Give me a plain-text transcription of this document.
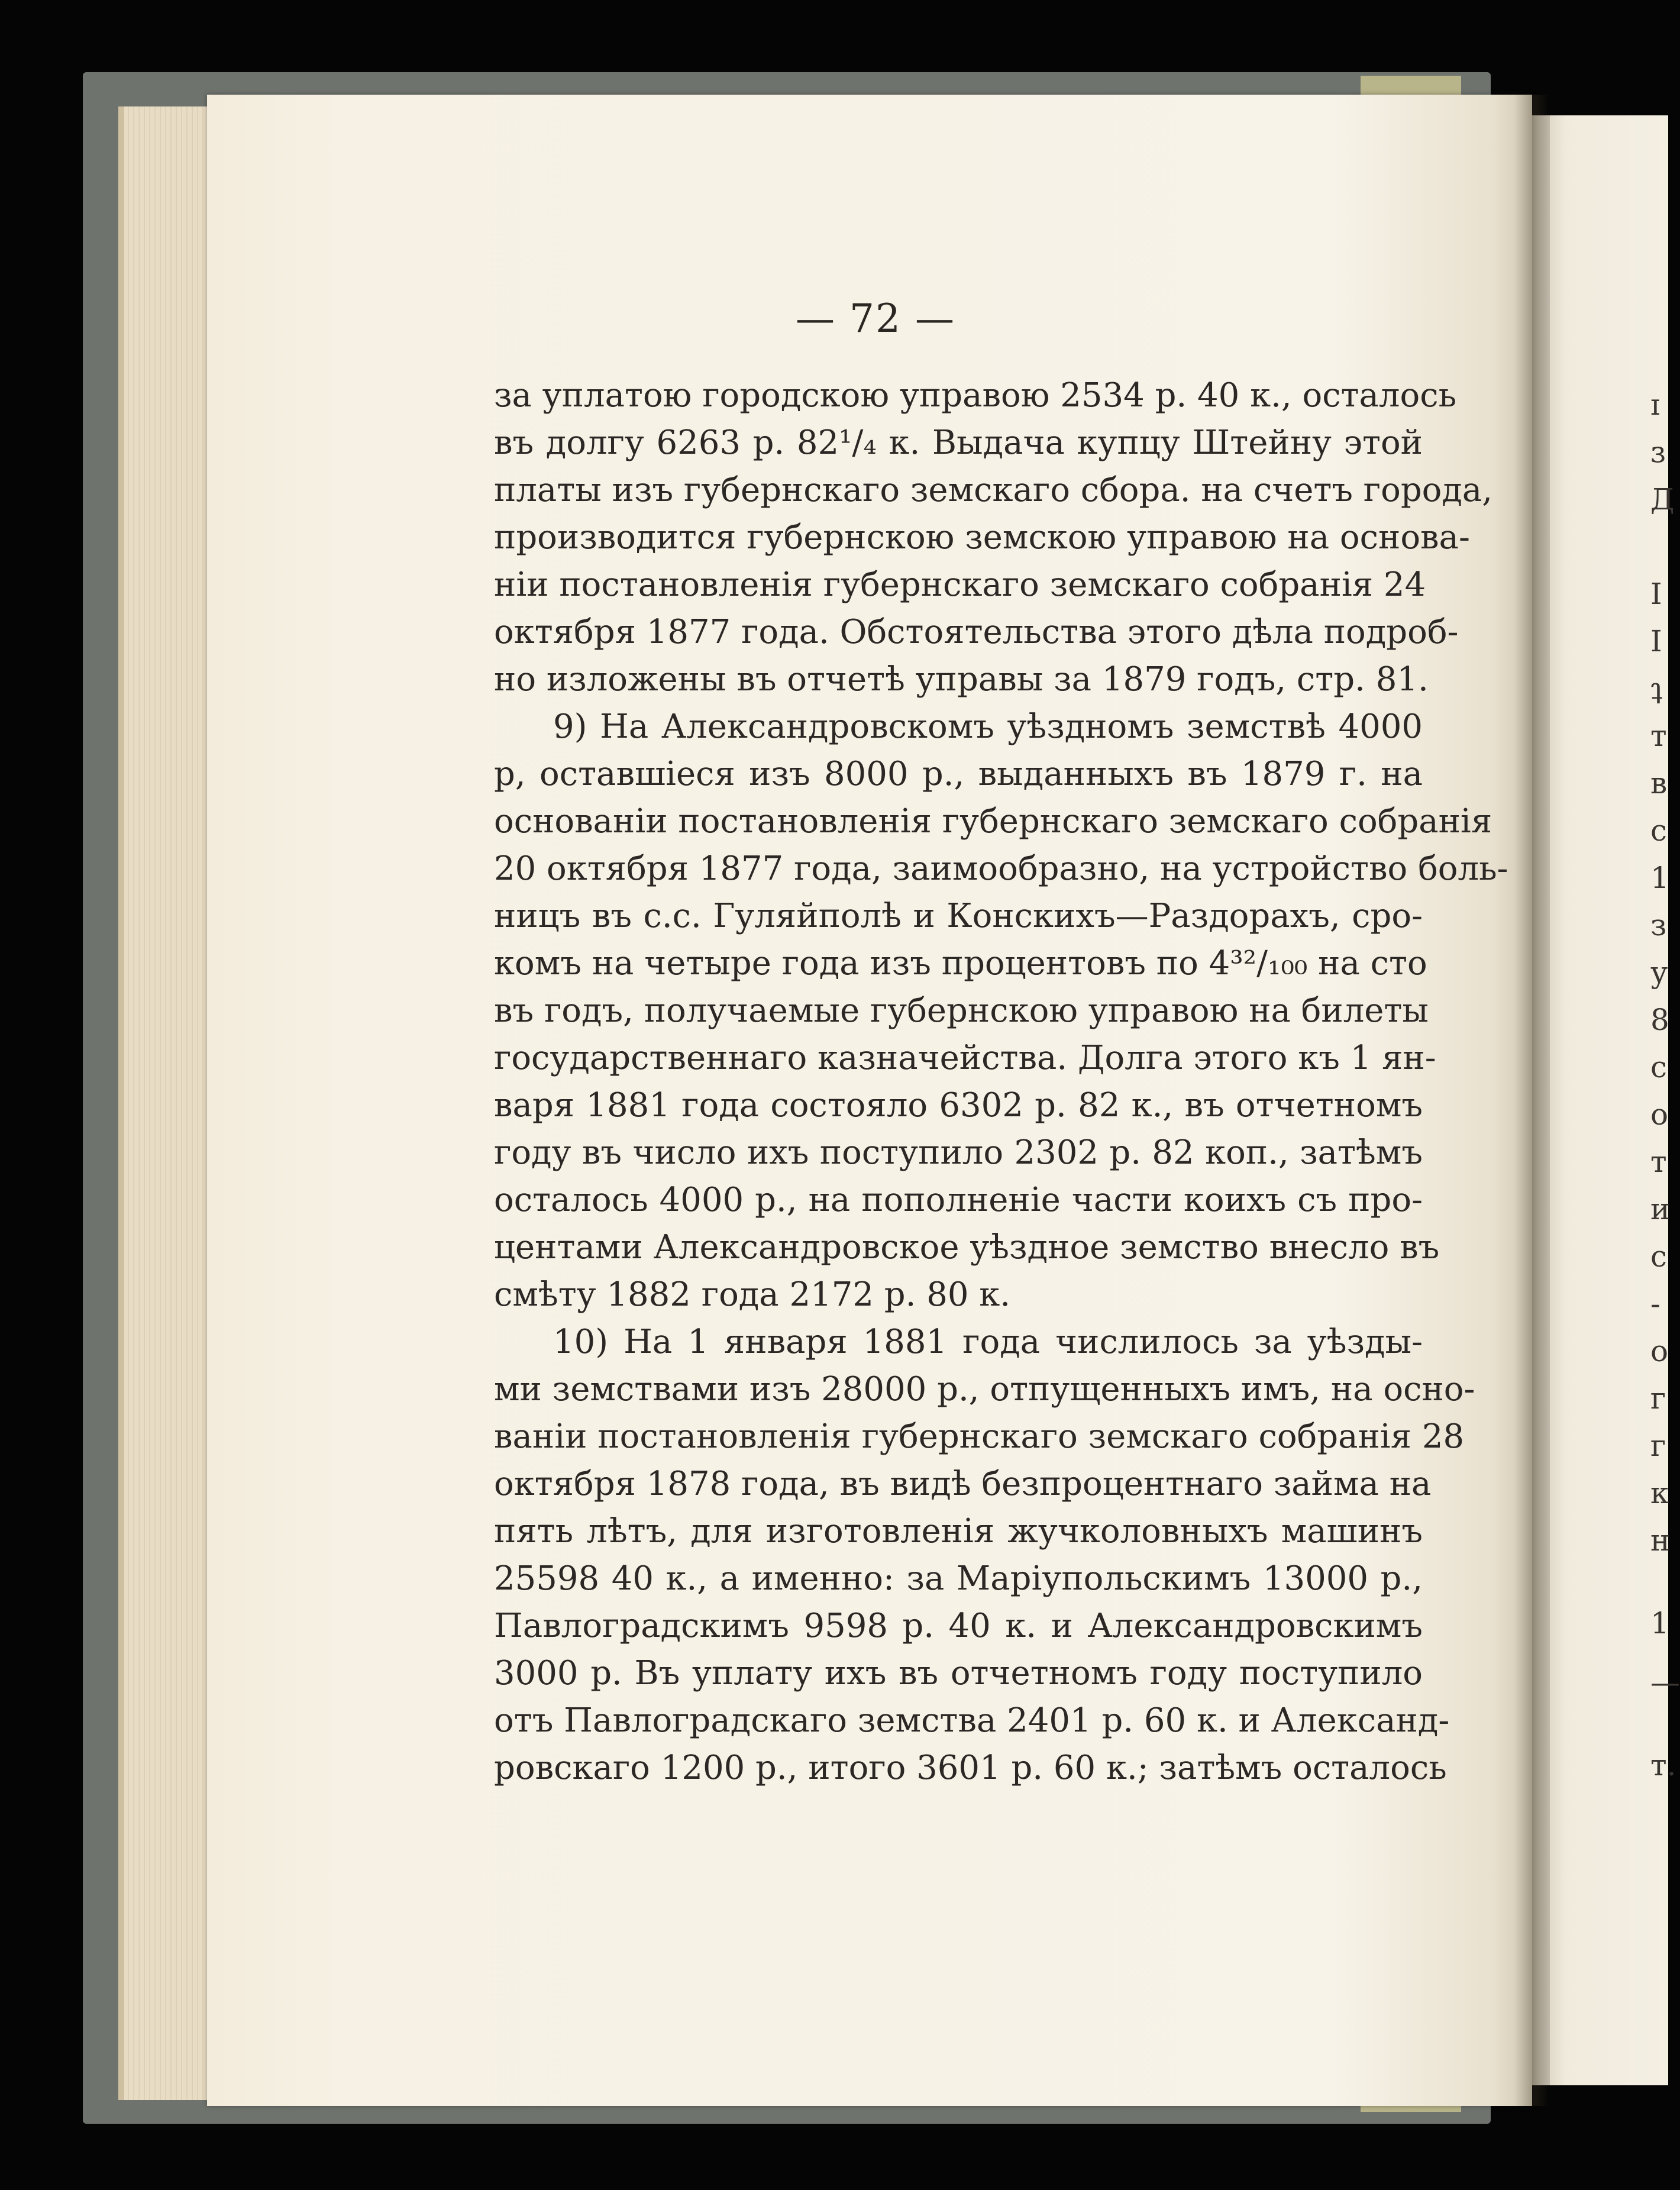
— 72 —
за уплатою городскою управою 2534 р. 40 к., осталось
въ долгу 6263 р. 82¹/₄ к. Выдача купцу Штейну этой
платы изъ губернскаго земскаго сбора. на счетъ города,
производится губернскою земскою управою на основа-
нiи постановленiя губернскаго земскаго собранiя 24
октября 1877 года. Обстоятельства этого дѣла подроб-
но изложены въ отчетѣ управы за 1879 годъ, стр. 81.
9) На Александровскомъ уѣздномъ земствѣ 4000
р, оставшiеся изъ 8000 р., выданныхъ въ 1879 г. на
основанiи постановленiя губернскаго земскаго собранiя
20 октября 1877 года, заимообразно, на устройство боль-
ницъ въ с.с. Гуляйполѣ и Конскихъ—Раздорахъ, сро-
комъ на четыре года изъ процентовъ по 4³²/₁₀₀ на сто
въ годъ, получаемые губернскою управою на билеты
государственнаго казначейства. Долга этого къ 1 ян-
варя 1881 года состояло 6302 р. 82 к., въ отчетномъ
году въ число ихъ поступило 2302 р. 82 коп., затѣмъ
осталось 4000 р., на пополненiе части коихъ съ про-
центами Александровское уѣздное земство внесло въ
смѣту 1882 года 2172 р. 80 к.
10) На 1 января 1881 года числилось за уѣзды-
ми земствами изъ 28000 р., отпущенныхъ имъ, на осно-
ванiи постановленiя губернскаго земскаго собранiя 28
октября 1878 года, въ видѣ безпроцентнаго займа на
пять лѣтъ, для изготовленiя жучколовныхъ машинъ
25598 40 к., а именно: за Марiупольскимъ 13000 р.,
Павлоградскимъ 9598 р. 40 к. и Александровскимъ
3000 р. Въ уплату ихъ въ отчетномъ году поступило
отъ Павлоградскаго земства 2401 р. 60 к. и Александ-
ровскаго 1200 р., итого 3601 р. 60 к.; затѣмъ осталось
ɪ
ɜ
Д
І
І
ʇ
т
в
с
1
з
у
8
с
о
т
и
с
-
о
г
г
к
н
1
—
т.
